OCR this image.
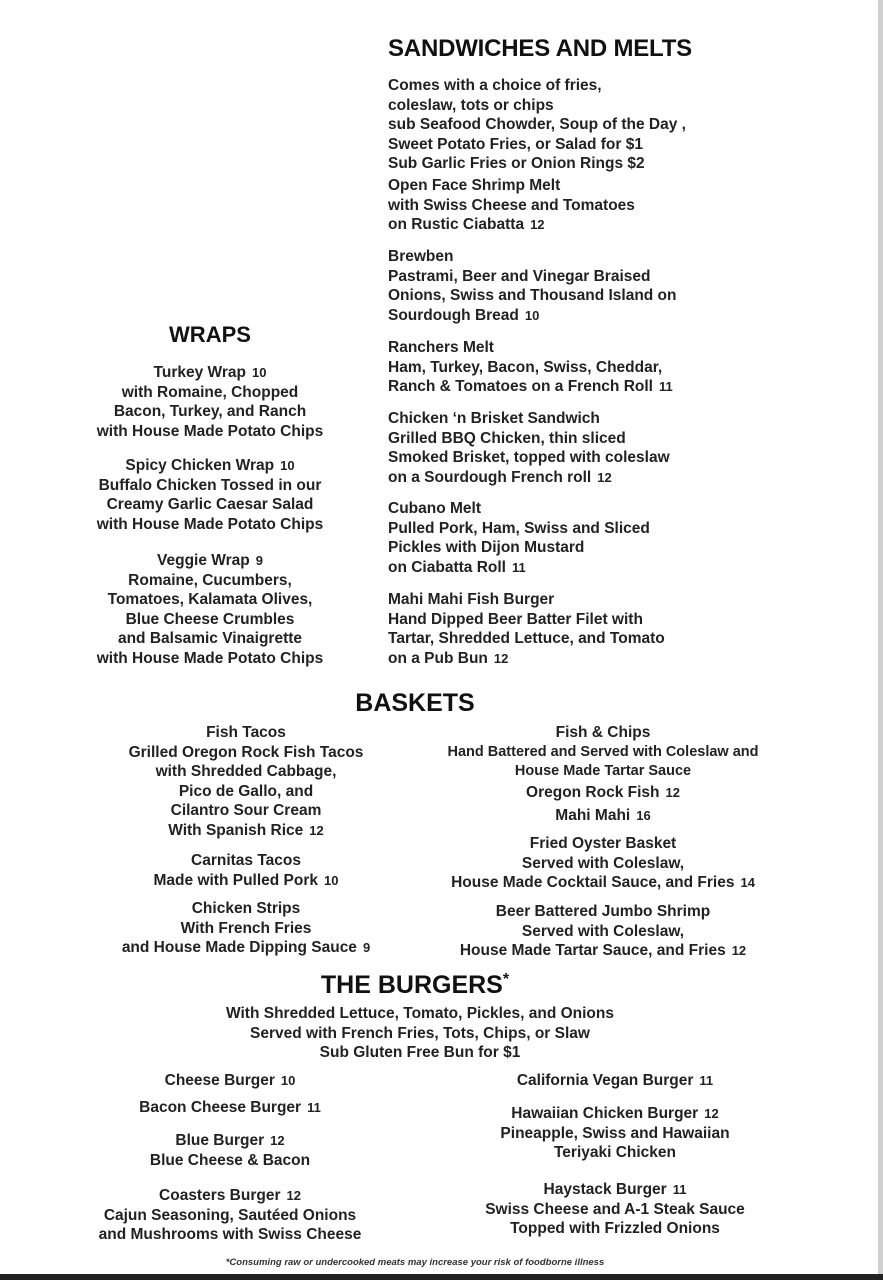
SANDWICHES AND MELTS
Comes with a choice of fries,
coleslaw, tots or chips
sub Seafood Chowder, Soup of the Day ,
Sweet Potato Fries, or Salad for $1
Sub Garlic Fries or Onion Rings $2
Open Face Shrimp Melt
with Swiss Cheese and Tomatoes
on Rustic Ciabatta 12
Brewben
Pastrami, Beer and Vinegar Braised
Onions, Swiss and Thousand Island on
Sourdough Bread 10
Ranchers Melt
Ham, Turkey, Bacon, Swiss, Cheddar,
Ranch & Tomatoes on a French Roll 11
Chicken ‘n Brisket Sandwich
Grilled BBQ Chicken, thin sliced
Smoked Brisket, topped with coleslaw
on a Sourdough French roll 12
Cubano Melt
Pulled Pork, Ham, Swiss and Sliced
Pickles with Dijon Mustard
on Ciabatta Roll 11
Mahi Mahi Fish Burger
Hand Dipped Beer Batter Filet with
Tartar, Shredded Lettuce, and Tomato
on a Pub Bun 12
WRAPS
Turkey Wrap 10
with Romaine, Chopped
Bacon, Turkey, and Ranch
with House Made Potato Chips
Spicy Chicken Wrap 10
Buffalo Chicken Tossed in our
Creamy Garlic Caesar Salad
with House Made Potato Chips
Veggie Wrap 9
Romaine, Cucumbers,
Tomatoes, Kalamata Olives,
Blue Cheese Crumbles
and Balsamic Vinaigrette
with House Made Potato Chips
BASKETS
Fish Tacos
Grilled Oregon Rock Fish Tacos
with Shredded Cabbage,
Pico de Gallo, and
Cilantro Sour Cream
With Spanish Rice 12
Carnitas Tacos
Made with Pulled Pork 10
Chicken Strips
With French Fries
and House Made Dipping Sauce 9
Fish & Chips
Hand Battered and Served with Coleslaw and
House Made Tartar Sauce
Oregon Rock Fish 12
Mahi Mahi 16
Fried Oyster Basket
Served with Coleslaw,
House Made Cocktail Sauce, and Fries 14
Beer Battered Jumbo Shrimp
Served with Coleslaw,
House Made Tartar Sauce, and Fries 12
THE BURGERS*
With Shredded Lettuce, Tomato, Pickles, and Onions
Served with French Fries, Tots, Chips, or Slaw
Sub Gluten Free Bun for $1
Cheese Burger 10
Bacon Cheese Burger 11
Blue Burger 12
Blue Cheese & Bacon
Coasters Burger 12
Cajun Seasoning, Sautéed Onions
and Mushrooms with Swiss Cheese
California Vegan Burger 11
Hawaiian Chicken Burger 12
Pineapple, Swiss and Hawaiian
Teriyaki Chicken
Haystack Burger 11
Swiss Cheese and A-1 Steak Sauce
Topped with Frizzled Onions
*Consuming raw or undercooked meats may increase your risk of foodborne illness
